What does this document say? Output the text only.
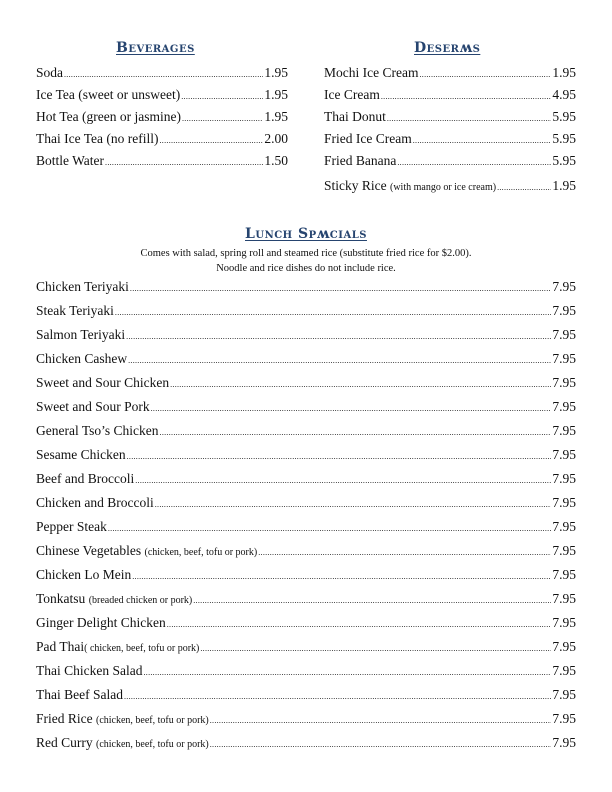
Beverages
Soda .....	1.95
Ice Tea (sweet or unsweet) .....	1.95
Hot Tea (green or jasmine) .....	1.95
Thai Ice Tea (no refill) .....	2.00
Bottle Water .....	1.50
Deserʍs
Mochi Ice Cream .....	1.95
Ice Cream .....	4.95
Thai Donut .....	5.95
Fried Ice Cream .....	5.95
Fried Banana .....	5.95
Sticky Rice
(with mango or ice cream) .....	1.95
Lunch Spʍcials
Comes with salad, spring roll and steamed rice (substitute fried rice for $2.00).
Noodle and rice dishes do not include rice.
Chicken Teriyaki .....	7.95
Steak Teriyaki .....	7.95
Salmon Teriyaki .....	7.95
Chicken Cashew .....	7.95
Sweet and Sour Chicken .....	7.95
Sweet and Sour Pork .....	7.95
General Tso’s Chicken .....	7.95
Sesame Chicken .....	7.95
Beef and Broccoli .....	7.95
Chicken and Broccoli .....	7.95
Pepper Steak .....	7.95
Chinese Vegetables
(chicken, beef, tofu or pork) .....	7.95
Chicken Lo Mein .....	7.95
Tonkatsu
(breaded chicken or pork) .....	7.95
Ginger Delight Chicken .....	7.95
Pad Thai ( chicken, beef, tofu or pork) .....	7.95
Thai Chicken Salad .....	7.95
Thai Beef Salad .....	7.95
Fried Rice
(chicken, beef, tofu or pork) .....	7.95
Red Curry
(chicken, beef, tofu or pork) .....	7.95
